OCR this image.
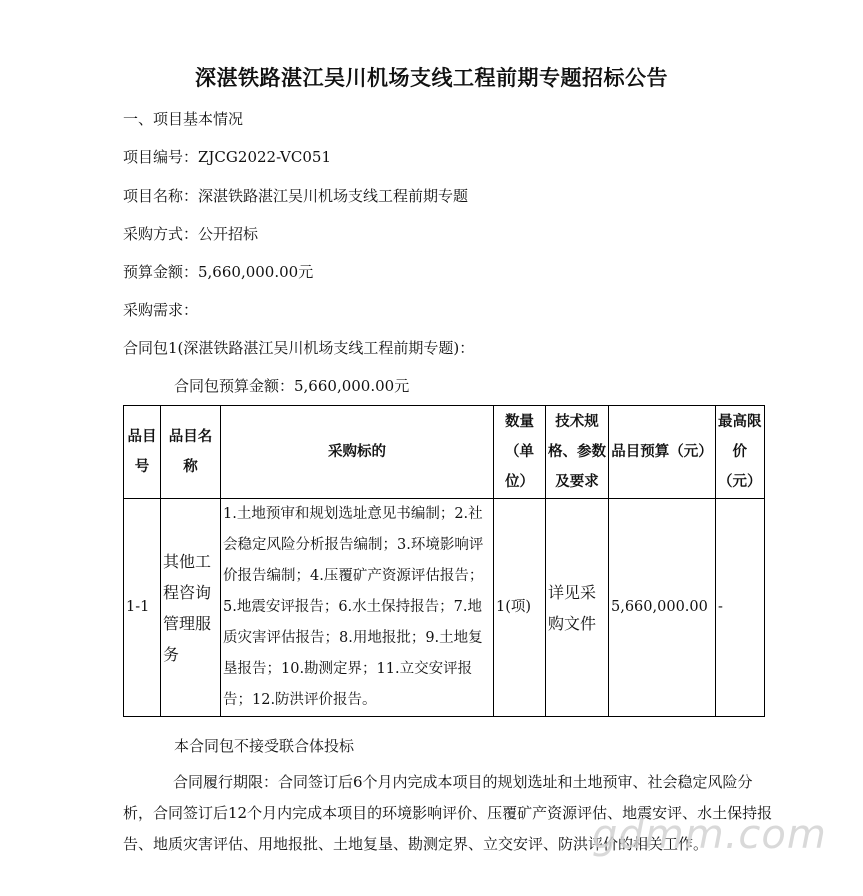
深湛铁路湛江吴川机场支线工程前期专题招标公告
一、项目基本情况
项目编号：ZJCG2022-VC051
项目名称：深湛铁路湛江吴川机场支线工程前期专题
采购方式：公开招标
预算金额：5,660,000.00元
采购需求：
合同包1(深湛铁路湛江吴川机场支线工程前期专题)：
合同包预算金额：5,660,000.00元
品目号	品目名称	采购标的	数量（单位）	技术规格、参数及要求	品目预算（元）	最高限价（元）
1-1	其他工程咨询管理服务	1.土地预审和规划选址意见书编制；2.社会稳定风险分析报告编制；3.环境影响评价报告编制；4.压覆矿产资源评估报告；5.地震安评报告；6.水土保持报告；7.地质灾害评估报告；8.用地报批；9.土地复垦报告；10.勘测定界；11.立交安评报告；12.防洪评价报告。	1(项)	详见采购文件	5,660,000.00	-
本合同包不接受联合体投标
合同履行期限：合同签订后6个月内完成本项目的规划选址和土地预审、社会稳定风险分析，合同签订后12个月内完成本项目的环境影响评价、压覆矿产资源评估、地震安评、水土保持报告、地质灾害评估、用地报批、土地复垦、勘测定界、立交安评、防洪评价的相关工作。
gdmm.com
